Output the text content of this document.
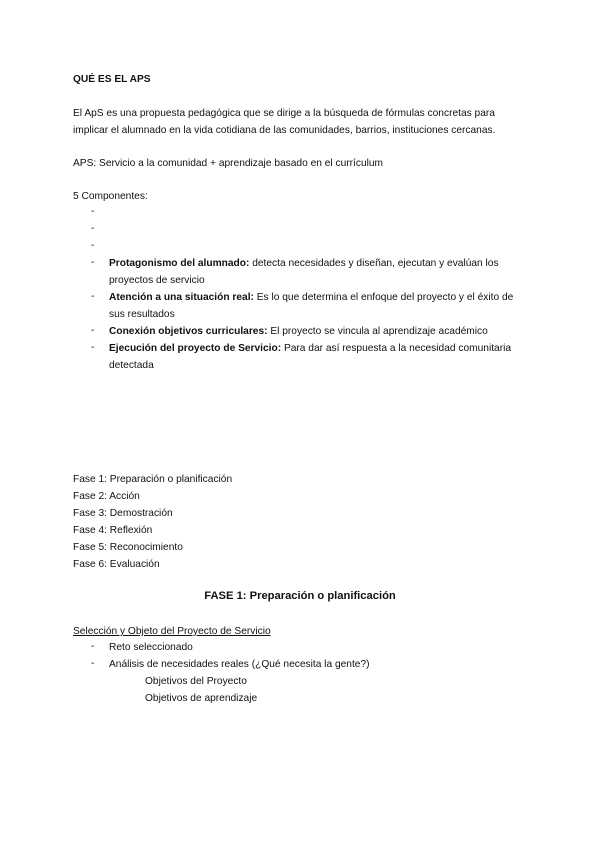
QUÉ ES EL APS
El ApS es una propuesta pedagógica que se dirige a la búsqueda de fórmulas concretas para
implicar el alumnado en la vida cotidiana de las comunidades, barrios, instituciones cercanas.
APS: Servicio a la comunidad + aprendizaje basado en el currículum
5 Componentes:
-
-
-
- Protagonismo del alumnado: detecta necesidades y diseñan, ejecutan y evalúan los proyectos de servicio
- Atención a una situación real: Es lo que determina el enfoque del proyecto y el éxito de sus resultados
- Conexión objetivos curriculares: El proyecto se vincula al aprendizaje académico
- Ejecución del proyecto de Servicio: Para dar así respuesta a la necesidad comunitaria detectada
Fase 1: Preparación o planificación
Fase 2: Acción
Fase 3: Demostración
Fase 4: Reflexión
Fase 5: Reconocimiento
Fase 6: Evaluación
FASE 1: Preparación o planificación
Selección y Objeto del Proyecto de Servicio
- Reto seleccionado
- Análisis de necesidades reales (¿Qué necesita la gente?)
Objetivos del Proyecto
Objetivos de aprendizaje
